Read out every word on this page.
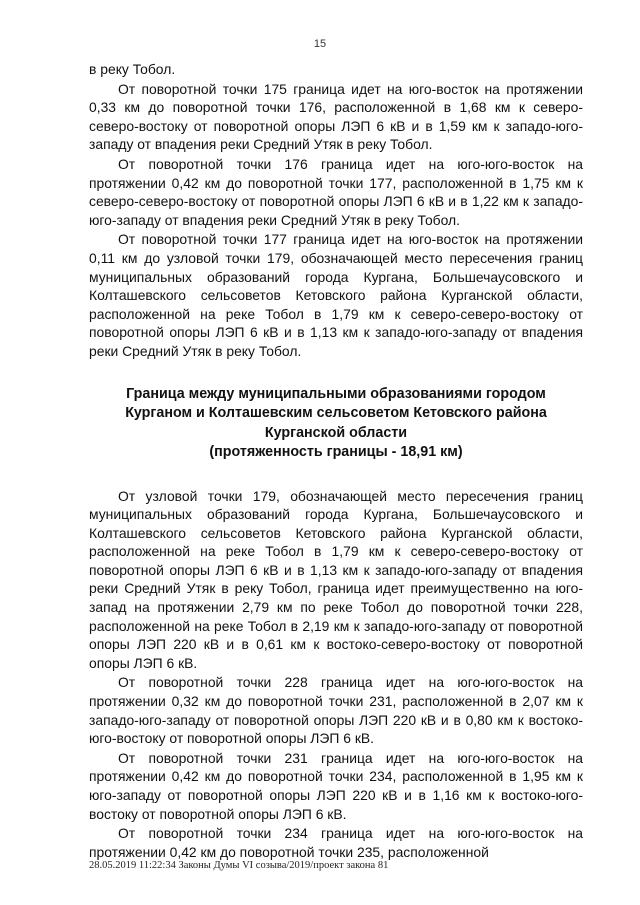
15

в реку Тобол.

От поворотной точки 175 граница идет на юго-восток на протяжении 0,33 км до поворотной точки 176, расположенной в 1,68 км к северо-северо-востоку от поворотной опоры ЛЭП 6 кВ и в 1,59 км к западо-юго-западу от впадения реки Средний Утяк в реку Тобол.

От поворотной точки 176 граница идет на юго-юго-восток на протяжении 0,42 км до поворотной точки 177, расположенной в 1,75 км к северо-северо-востоку от поворотной опоры ЛЭП 6 кВ и в 1,22 км к западо-юго-западу от впадения реки Средний Утяк в реку Тобол.

От поворотной точки 177 граница идет на юго-восток на протяжении 0,11 км до узловой точки 179, обозначающей место пересечения границ муниципальных образований города Кургана, Большечаусовского и Колташевского сельсоветов Кетовского района Курганской области, расположенной на реке Тобол в 1,79 км к северо-северо-востоку от поворотной опоры ЛЭП 6 кВ и в 1,13 км к западо-юго-западу от впадения реки Средний Утяк в реку Тобол.

Граница между муниципальными образованиями городом
Курганом и Колташевским сельсоветом Кетовского района
Курганской области
(протяженность границы - 18,91 км)

От узловой точки 179, обозначающей место пересечения границ муниципальных образований города Кургана, Большечаусовского и Колташевского сельсоветов Кетовского района Курганской области, расположенной на реке Тобол в 1,79 км к северо-северо-востоку от поворотной опоры ЛЭП 6 кВ и в 1,13 км к западо-юго-западу от впадения реки Средний Утяк в реку Тобол, граница идет преимущественно на юго-запад на протяжении 2,79 км по реке Тобол до поворотной точки 228, расположенной на реке Тобол в 2,19 км к западо-юго-западу от поворотной опоры ЛЭП 220 кВ и в 0,61 км к востоко-северо-востоку от поворотной опоры ЛЭП 6 кВ.

От поворотной точки 228 граница идет на юго-юго-восток на протяжении 0,32 км до поворотной точки 231, расположенной в 2,07 км к западо-юго-западу от поворотной опоры ЛЭП 220 кВ и в 0,80 км к востоко-юго-востоку от поворотной опоры ЛЭП 6 кВ.

От поворотной точки 231 граница идет на юго-юго-восток на протяжении 0,42 км до поворотной точки 234, расположенной в 1,95 км к юго-западу от поворотной опоры ЛЭП 220 кВ и в 1,16 км к востоко-юго-востоку от поворотной опоры ЛЭП 6 кВ.

От поворотной точки 234 граница идет на юго-юго-восток на протяжении 0,42 км до поворотной точки 235, расположенной

28.05.2019 11:22:34 Законы Думы VI созыва/2019/проект закона 81
